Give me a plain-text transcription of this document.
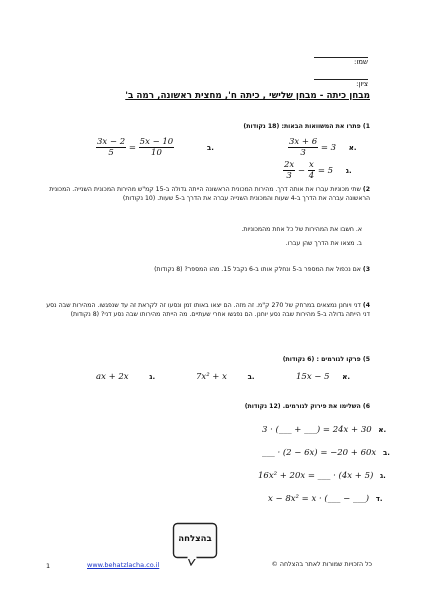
שמו:
ציון:
מבחן כיתה - מבחן שלישי , כיתה ח', מחצית ראשונה, רמה ב'
1) פתרו את המשוואות הבאות: (18 נקודות)
$\frac{3x + 6}{3} = 3$ א.
$\frac{3x - 2}{5} = \frac{5x - 10}{10}$	ב.
$\frac{2x}{3} - \frac{x}{4} = 5$ ג.
2) שתי מכוניות עברו את אותה דרך. מהירות המכונית הראשונה הייתה גדולה ב-15 קמ"ש מהירות המכונית השנייה. המכונית הראשונה עברה את הדרך ב-4 שעות והמכונית השנייה עברה את הדרך ב-5 שעות. (10 נקודות)
א. חשבו את המהירות של כל אחת מהמכוניות.
ב. מצאו את הדרך שהן עברו.
3) אם נכפול את המספר ב-5 ונחלק אותו ב-6 נקבל 15. מהו המספר? (8 נקודות)
4) דני ויוחנן נמצאים במרחק של 270 ק"מ. זה מזה. הם יצאו באותו זמן ונסעו זה לקראת זה עד שנפגשו. המהירות שבה נסע דני הייתה גדולה ב-5 מהירות שבה נסע יוחנן. הם נפגשו אחרי שעתיים. מה הייתה מהירותו שבה נסע דני? (8 נקודות)
5) פרקו לגורמים : (6 נקודות)
15x − 5 א.
7x² + x	ב.
ax + 2x	ג.
6) השלימו את פירוק לגורמים. (12 נקודות)
3 · (___ + ___) = 24x + 30 א.
___ · (2 − 6x) = −20 + 60x ב.
16x² + 20x = ___ · (4x + 5) ג.
x − 8x² = x · (___ − ___) ד.
בהצלחה
1	www.behatzlacha.co.il	כל הזכויות שמורות לאתר בהצלחה ©
